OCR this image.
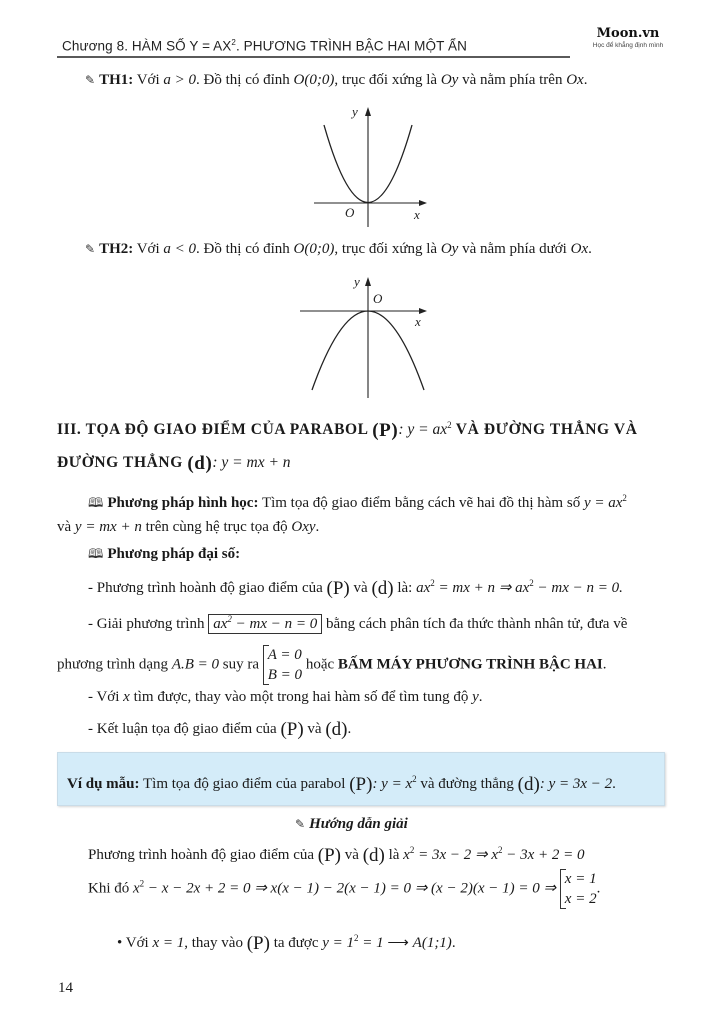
Chương 8. HÀM SỐ $Y = AX^2$. PHƯƠNG TRÌNH BẬC HAI MỘT ẨN
Moon.vn
Học để khẳng định mình
✎ TH1: Với a > 0. Đồ thị có đỉnh O(0;0), trục đối xứng là Oy và nằm phía trên Ox.
y
O	x
✎ TH2: Với a < 0. Đồ thị có đỉnh O(0;0), trục đối xứng là Oy và nằm phía dưới Ox.
y
O
x
III. TỌA ĐỘ GIAO ĐIỂM CỦA PARABOL (P): $y = ax^2$ VÀ ĐƯỜNG THẲNG VÀ
ĐƯỜNG THẲNG (d): y = mx + n
🕮 Phương pháp hình học: Tìm tọa độ giao điểm bằng cách vẽ hai đồ thị hàm số $y = ax^2$
và y = mx + n trên cùng hệ trục tọa độ Oxy.
🕮 Phương pháp đại số:
- Phương trình hoành độ giao điểm của (P) và (d) là: $ax^2$ = mx + n ⇒ $ax^2$ − mx − n = 0.
- Giải phương trình $ax^2$ − mx − n = 0 bằng cách phân tích đa thức thành nhân tử, đưa về
phương trình dạng A.B = 0 suy ra A = 0
B = 0 hoặc BẤM MÁY PHƯƠNG TRÌNH BẬC HAI.
- Với x tìm được, thay vào một trong hai hàm số để tìm tung độ y.
- Kết luận tọa độ giao điểm của (P) và (d).
Ví dụ mẫu: Tìm tọa độ giao điểm của parabol (P): $y = x^2$ và đường thẳng (d): y = 3x − 2.
✎ Hướng dẫn giải
Phương trình hoành độ giao điểm của (P) và (d) là $x^2 = 3x - 2$ ⇒ $x^2 - 3x + 2 = 0$
Khi đó $x^2 - x - 2x + 2 = 0$ ⇒ x(x − 1) − 2(x − 1) = 0 ⇒ (x − 2)(x − 1) = 0 ⇒ x = 1
x = 2.
• Với x = 1, thay vào (P) ta được $y = 1^2 = 1$ ⟶ A(1;1).
14
